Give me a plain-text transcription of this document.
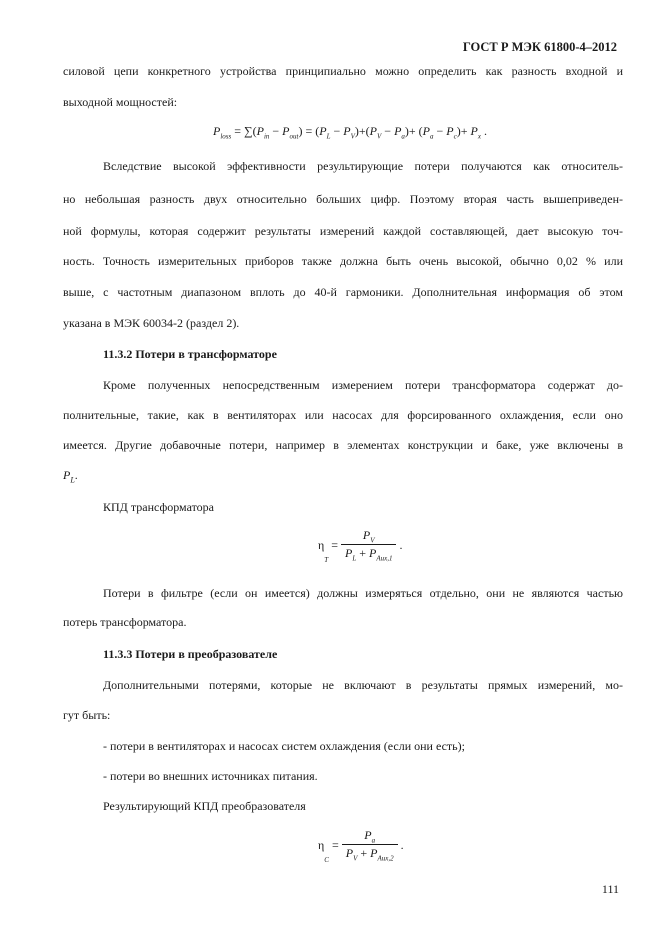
ГОСТ Р МЭК 61800-4–2012
силовой цепи конкретного устройства принципиально можно определить как разность входной и
выходной мощностей:
$P_{loss} = \sum(P_{in} - P_{out}) = (P_L - P_V)+(P_V - P_a)+ (P_a - P_c)+ P_x$ .
Вследствие высокой эффективности результирующие потери получаются как относитель-
но небольшая разность двух относительно больших цифр. Поэтому вторая часть вышеприведен-
ной формулы, которая содержит результаты измерений каждой составляющей, дает высокую точ-
ность. Точность измерительных приборов также должна быть очень высокой, обычно 0,02 % или
выше, с частотным диапазоном вплоть до 40-й гармоники. Дополнительная информация об этом
указана в МЭК 60034-2 (раздел 2).
11.3.2 Потери в трансформаторе
Кроме полученных непосредственным измерением потери трансформатора содержат до-
полнительные, такие, как в вентиляторах или насосах для форсированного охлаждения, если оно
имеется. Другие добавочные потери, например в элементах конструкции и баке, уже включены в
$P_L$.
КПД трансформатора
$\eta_T = \frac{P_V}{P_L + P_{Aux,1}}$ .
Потери в фильтре (если он имеется) должны измеряться отдельно, они не являются частью
потерь трансформатора.
11.3.3 Потери в преобразователе
Дополнительными потерями, которые не включают в результаты прямых измерений, мо-
гут быть:
- потери в вентиляторах и насосах систем охлаждения (если они есть);
- потери во внешних источниках питания.
Результирующий КПД преобразователя
$\eta_C = \frac{P_a}{P_V + P_{Aux,2}}$ .
111
